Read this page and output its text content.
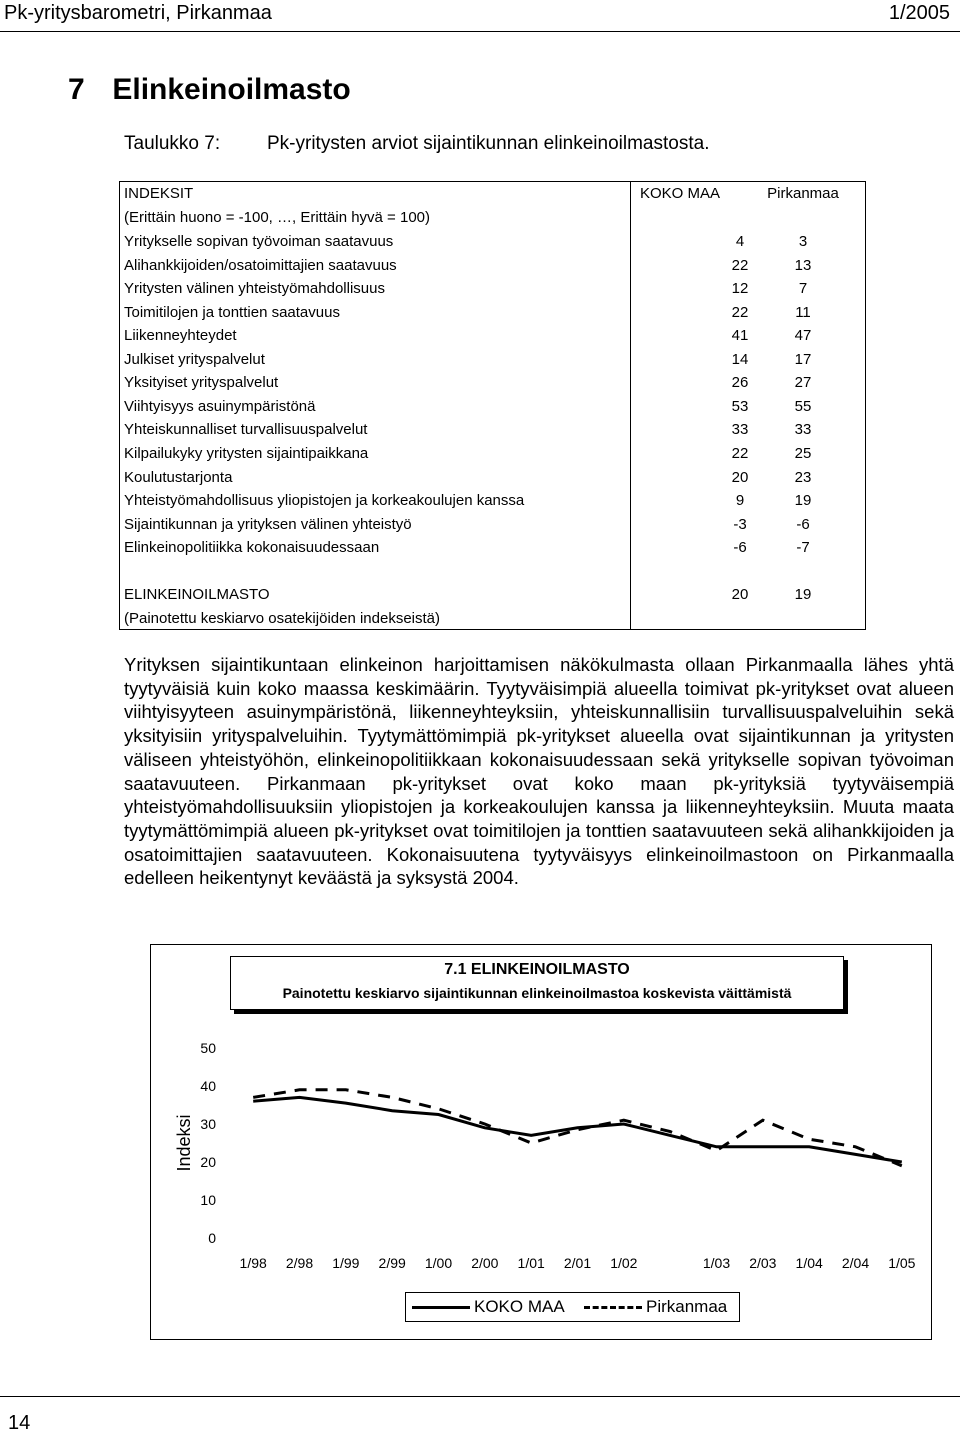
Pk-yritysbarometri, Pirkanmaa	1/2005
7 Elinkeinoilmasto
Taulukko 7: Pk-yritysten arviot sijaintikunnan elinkeinoilmastosta.
INDEKSIT	KOKO MAA	Pirkanmaa
(Erittäin huono = -100, …, Erittäin hyvä = 100)
Yritykselle sopivan työvoiman saatavuus	4	3
Alihankkijoiden/osatoimittajien saatavuus	22	13
Yritysten välinen yhteistyömahdollisuus	12	7
Toimitilojen ja tonttien saatavuus	22	11
Liikenneyhteydet	41	47
Julkiset yrityspalvelut	14	17
Yksityiset yrityspalvelut	26	27
Viihtyisyys asuinympäristönä	53	55
Yhteiskunnalliset turvallisuuspalvelut	33	33
Kilpailukyky yritysten sijaintipaikkana	22	25
Koulutustarjonta	20	23
Yhteistyömahdollisuus yliopistojen ja korkeakoulujen kanssa	9	19
Sijaintikunnan ja yrityksen välinen yhteistyö	-3	-6
Elinkeinopolitiikka kokonaisuudessaan	-6	-7
ELINKEINOILMASTO	20	19
(Painotettu keskiarvo osatekijöiden indekseistä)
Yrityksen sijaintikuntaan elinkeinon harjoittamisen näkökulmasta ollaan Pirkanmaalla lähes yhtä tyytyväisiä kuin koko maassa keskimäärin. Tyytyväisimpiä alueella toimivat pk-yritykset ovat alueen viihtyisyyteen asuinympäristönä, liikenneyhteyksiin, yhteiskunnallisiin turvallisuuspalveluihin sekä yksityisiin yrityspalveluihin. Tyytymättömimpiä pk-yritykset alueella ovat sijaintikunnan ja yritysten väliseen yhteistyöhön, elinkeinopolitiikkaan kokonaisuudessaan sekä yritykselle sopivan työvoiman saatavuuteen. Pirkanmaan pk-yritykset ovat koko maan pk-yrityksiä tyytyväisempiä yhteistyömahdollisuuksiin yliopistojen ja korkeakoulujen kanssa ja liikenneyhteyksiin. Muuta maata tyytymättömimpiä alueen pk-yritykset ovat toimitilojen ja tonttien saatavuuteen sekä alihankkijoiden ja osatoimittajien saatavuuteen. Kokonaisuutena tyytyväisyys elinkeinoilmastoon on Pirkanmaalla edelleen heikentynyt keväästä ja syksystä 2004.
7.1 ELINKEINOILMASTO
Painotettu keskiarvo sijaintikunnan elinkeinoilmastoa koskevista väittämistä
Indeksi
0
10
20
30
40
50
1/98 2/98 1/99 2/99 1/00 2/00 1/01 2/01 1/02	1/03 2/03 1/04 2/04 1/05
KOKO MAA	Pirkanmaa
14
